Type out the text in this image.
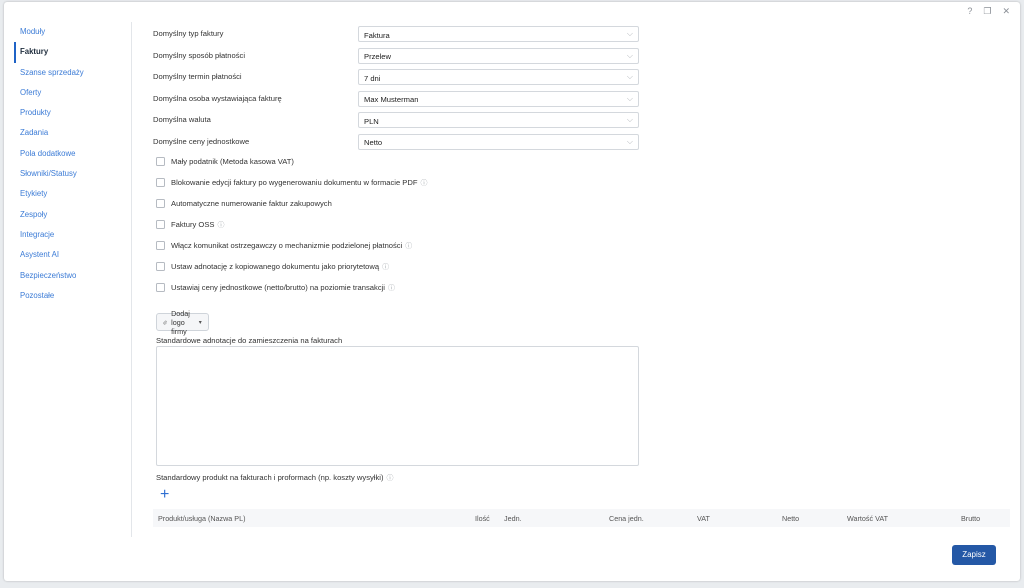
? ❐ ✕
Moduły
Faktury
Szanse sprzedaży
Oferty
Produkty
Zadania
Pola dodatkowe
Słowniki/Statusy
Etykiety
Zespoły
Integracje
Asystent AI
Bezpieczeństwo
Pozostałe
Domyślny typ faktury	Faktura	⌵
Domyślny sposób płatności	Przelew	⌵
Domyślny termin płatności	7 dni	⌵
Domyślna osoba wystawiająca fakturę	Max Musterman	⌵
Domyślna waluta	PLN	⌵
Domyślne ceny jednostkowe	Netto	⌵
Mały podatnik (Metoda kasowa VAT)
Blokowanie edycji faktury po wygenerowaniu dokumentu w formacie PDF ⓘ
Automatyczne numerowanie faktur zakupowych
Faktury OSS ⓘ
Włącz komunikat ostrzegawczy o mechanizmie podzielonej płatności ⓘ
Ustaw adnotację z kopiowanego dokumentu jako priorytetową ⓘ
Ustawiaj ceny jednostkowe (netto/brutto) na poziomie transakcji ⓘ
Dodaj logo firmy
▾
Standardowe adnotacje do zamieszczenia na fakturach
Standardowy produkt na fakturach i proformach (np. koszty wysyłki) ⓘ
+
Produkt/usługa (Nazwa PL)	Ilość Jedn.	Cena jedn.	VAT	Netto	Wartość VAT	Brutto
Zapisz
